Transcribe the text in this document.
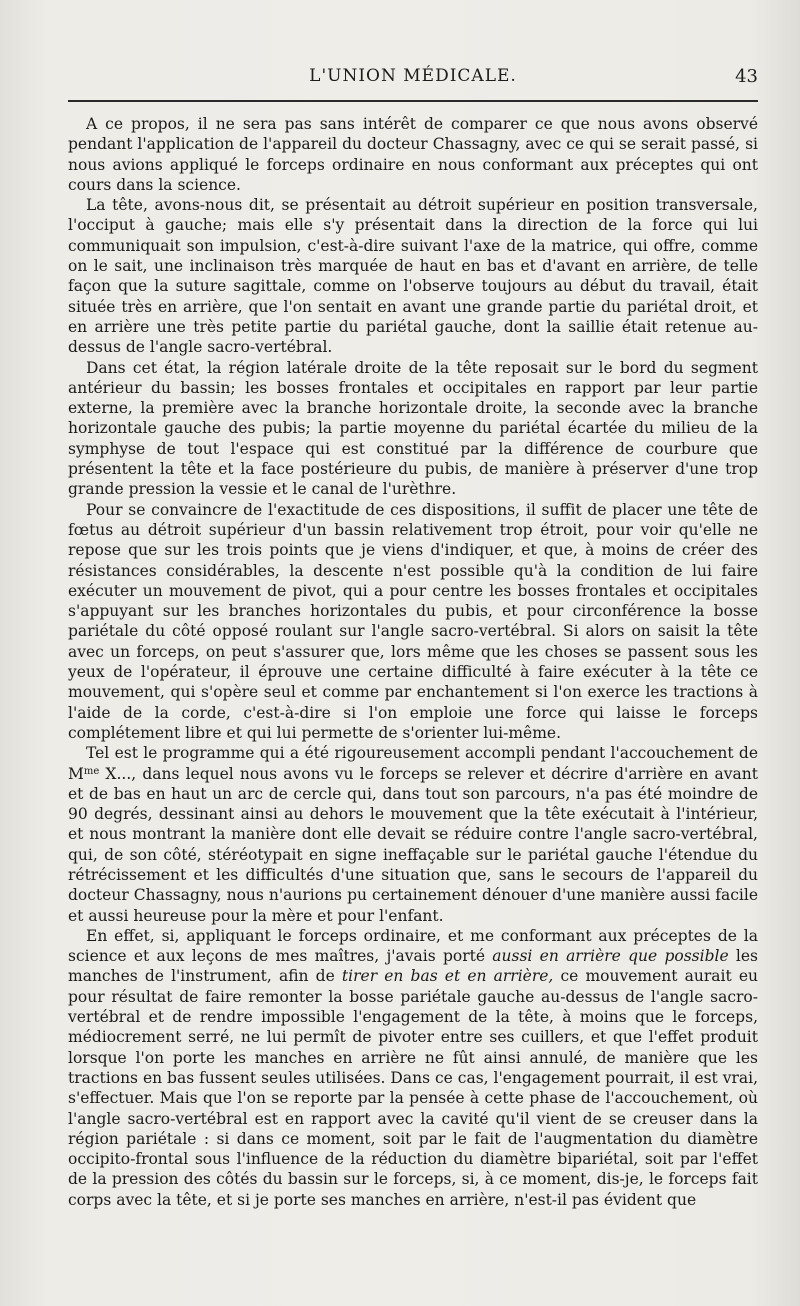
L'UNION MÉDICALE.	43

A ce propos, il ne sera pas sans intérêt de comparer ce que nous avons observé pendant l'application de l'appareil du docteur Chassagny, avec ce qui se serait passé, si nous avions appliqué le forceps ordinaire en nous conformant aux préceptes qui ont cours dans la science.

La tête, avons-nous dit, se présentait au détroit supérieur en position transversale, l'occiput à gauche; mais elle s'y présentait dans la direction de la force qui lui communiquait son impulsion, c'est-à-dire suivant l'axe de la matrice, qui offre, comme on le sait, une inclinaison très marquée de haut en bas et d'avant en arrière, de telle façon que la suture sagittale, comme on l'observe toujours au début du travail, était située très en arrière, que l'on sentait en avant une grande partie du pariétal droit, et en arrière une très petite partie du pariétal gauche, dont la saillie était retenue au-dessus de l'angle sacro-vertébral.

Dans cet état, la région latérale droite de la tête reposait sur le bord du segment antérieur du bassin; les bosses frontales et occipitales en rapport par leur partie externe, la première avec la branche horizontale droite, la seconde avec la branche horizontale gauche des pubis; la partie moyenne du pariétal écartée du milieu de la symphyse de tout l'espace qui est constitué par la différence de courbure que présentent la tête et la face postérieure du pubis, de manière à préserver d'une trop grande pression la vessie et le canal de l'urèthre.

Pour se convaincre de l'exactitude de ces dispositions, il suffit de placer une tête de fœtus au détroit supérieur d'un bassin relativement trop étroit, pour voir qu'elle ne repose que sur les trois points que je viens d'indiquer, et que, à moins de créer des résistances considérables, la descente n'est possible qu'à la condition de lui faire exécuter un mouvement de pivot, qui a pour centre les bosses frontales et occipitales s'appuyant sur les branches horizontales du pubis, et pour circonférence la bosse pariétale du côté opposé roulant sur l'angle sacro-vertébral. Si alors on saisit la tête avec un forceps, on peut s'assurer que, lors même que les choses se passent sous les yeux de l'opérateur, il éprouve une certaine difficulté à faire exécuter à la tête ce mouvement, qui s'opère seul et comme par enchantement si l'on exerce les tractions à l'aide de la corde, c'est-à-dire si l'on emploie une force qui laisse le forceps complétement libre et qui lui permette de s'orienter lui-même.

Tel est le programme qui a été rigoureusement accompli pendant l'accouchement de $M^{me}$ X..., dans lequel nous avons vu le forceps se relever et décrire d'arrière en avant et de bas en haut un arc de cercle qui, dans tout son parcours, n'a pas été moindre de 90 degrés, dessinant ainsi au dehors le mouvement que la tête exécutait à l'intérieur, et nous montrant la manière dont elle devait se réduire contre l'angle sacro-vertébral, qui, de son côté, stéréotypait en signe ineffaçable sur le pariétal gauche l'étendue du rétrécissement et les difficultés d'une situation que, sans le secours de l'appareil du docteur Chassagny, nous n'aurions pu certainement dénouer d'une manière aussi facile et aussi heureuse pour la mère et pour l'enfant.

En effet, si, appliquant le forceps ordinaire, et me conformant aux préceptes de la science et aux leçons de mes maîtres, j'avais porté aussi en arrière que possible les manches de l'instrument, afin de tirer en bas et en arrière, ce mouvement aurait eu pour résultat de faire remonter la bosse pariétale gauche au-dessus de l'angle sacro-vertébral et de rendre impossible l'engagement de la tête, à moins que le forceps, médiocrement serré, ne lui permît de pivoter entre ses cuillers, et que l'effet produit lorsque l'on porte les manches en arrière ne fût ainsi annulé, de manière que les tractions en bas fussent seules utilisées. Dans ce cas, l'engagement pourrait, il est vrai, s'effectuer. Mais que l'on se reporte par la pensée à cette phase de l'accouchement, où l'angle sacro-vertébral est en rapport avec la cavité qu'il vient de se creuser dans la région pariétale : si dans ce moment, soit par le fait de l'augmentation du diamètre occipito-frontal sous l'influence de la réduction du diamètre bipariétal, soit par l'effet de la pression des côtés du bassin sur le forceps, si, à ce moment, dis-je, le forceps fait corps avec la tête, et si je porte ses manches en arrière, n'est-il pas évident que
